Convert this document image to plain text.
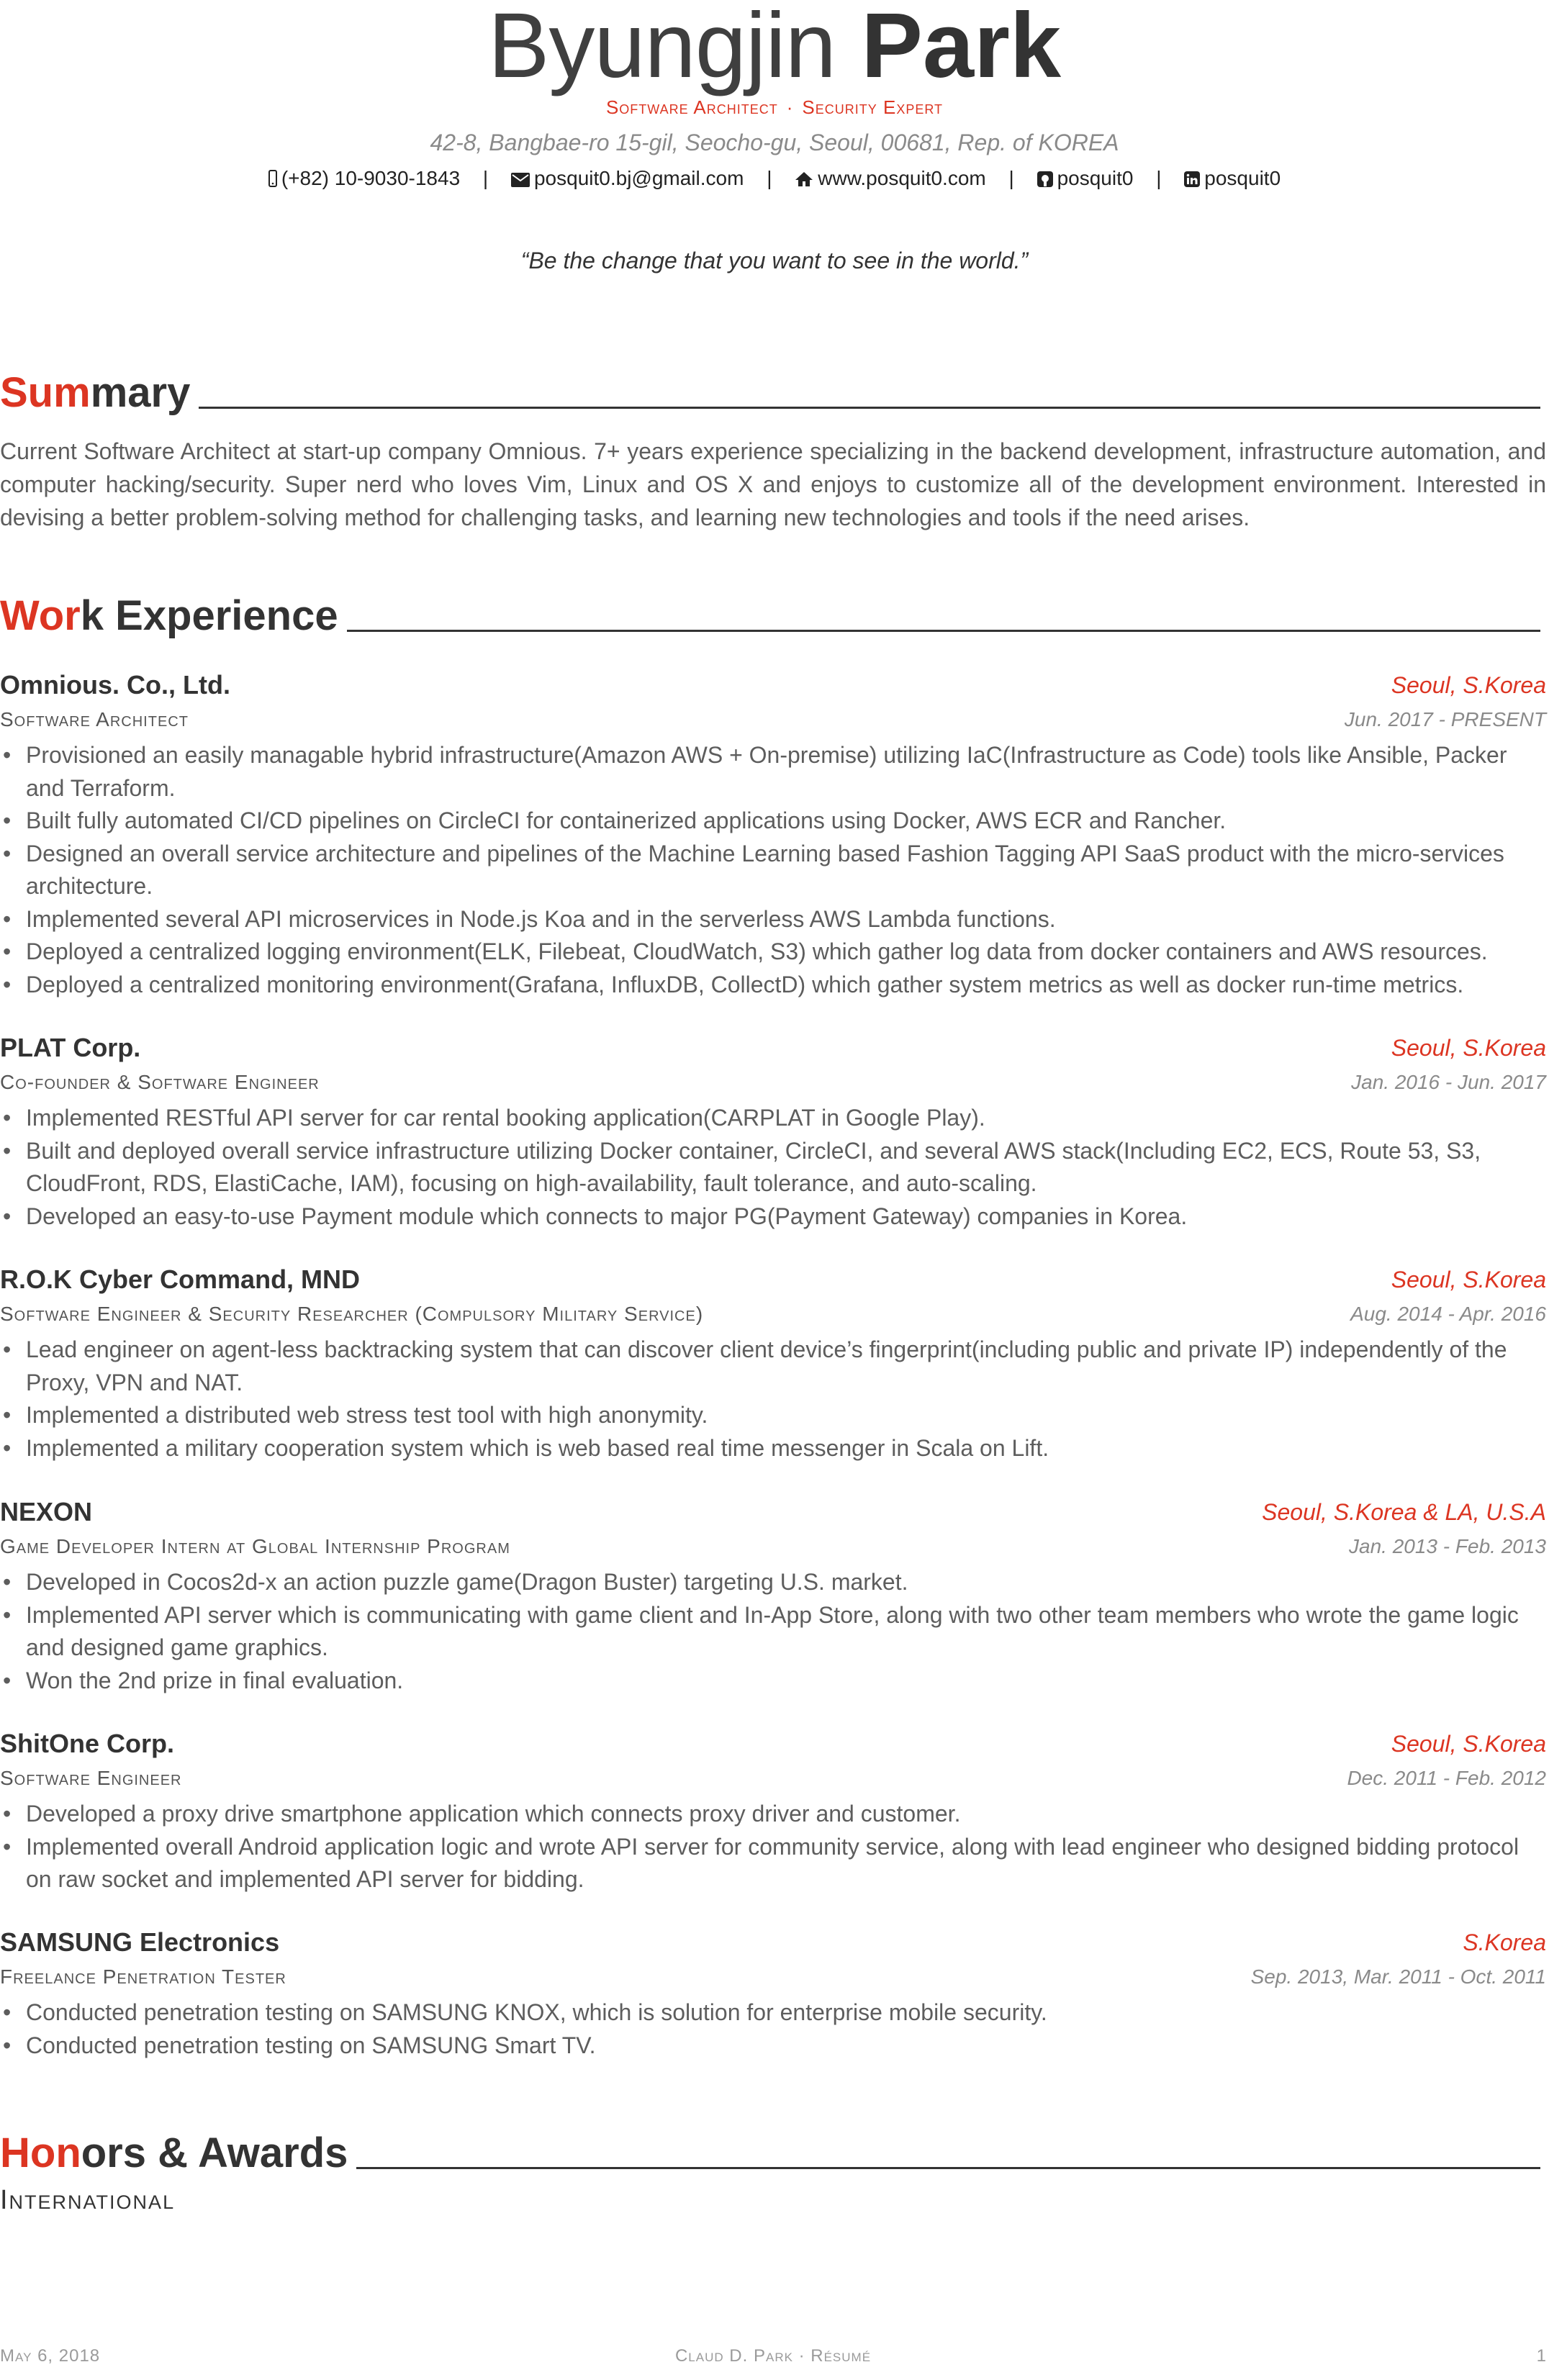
Byungjin Park
Software Architect · Security Expert
42-8, Bangbae-ro 15-gil, Seocho-gu, Seoul, 00681, Rep. of KOREA
(+82) 10-9030-1843 | posquit0.bj@gmail.com | www.posquit0.com | posquit0 | posquit0
“Be the change that you want to see in the world.”
Summary
Current Software Architect at start-up company Omnious. 7+ years experience specializing in the backend development, infrastructure automation, and computer hacking/security. Super nerd who loves Vim, Linux and OS X and enjoys to customize all of the development environment. Interested in devising a better problem-solving method for challenging tasks, and learning new technologies and tools if the need arises.
Work Experience
Omnious. Co., Ltd.	Seoul, S.Korea
Software Architect	Jun. 2017 - PRESENT
• Provisioned an easily managable hybrid infrastructure(Amazon AWS + On-premise) utilizing IaC(Infrastructure as Code) tools like Ansible, Packer and Terraform.
• Built fully automated CI/CD pipelines on CircleCI for containerized applications using Docker, AWS ECR and Rancher.
• Designed an overall service architecture and pipelines of the Machine Learning based Fashion Tagging API SaaS product with the micro-services architecture.
• Implemented several API microservices in Node.js Koa and in the serverless AWS Lambda functions.
• Deployed a centralized logging environment(ELK, Filebeat, CloudWatch, S3) which gather log data from docker containers and AWS resources.
• Deployed a centralized monitoring environment(Grafana, InfluxDB, CollectD) which gather system metrics as well as docker run-time metrics.
PLAT Corp.	Seoul, S.Korea
Co-founder & Software Engineer	Jan. 2016 - Jun. 2017
• Implemented RESTful API server for car rental booking application(CARPLAT in Google Play).
• Built and deployed overall service infrastructure utilizing Docker container, CircleCI, and several AWS stack(Including EC2, ECS, Route 53, S3, CloudFront, RDS, ElastiCache, IAM), focusing on high-availability, fault tolerance, and auto-scaling.
• Developed an easy-to-use Payment module which connects to major PG(Payment Gateway) companies in Korea.
R.O.K Cyber Command, MND	Seoul, S.Korea
Software Engineer & Security Researcher (Compulsory Military Service)	Aug. 2014 - Apr. 2016
• Lead engineer on agent-less backtracking system that can discover client device’s fingerprint(including public and private IP) independently of the Proxy, VPN and NAT.
• Implemented a distributed web stress test tool with high anonymity.
• Implemented a military cooperation system which is web based real time messenger in Scala on Lift.
NEXON	Seoul, S.Korea & LA, U.S.A
Game Developer Intern at Global Internship Program	Jan. 2013 - Feb. 2013
• Developed in Cocos2d-x an action puzzle game(Dragon Buster) targeting U.S. market.
• Implemented API server which is communicating with game client and In-App Store, along with two other team members who wrote the game logic and designed game graphics.
• Won the 2nd prize in final evaluation.
ShitOne Corp.	Seoul, S.Korea
Software Engineer	Dec. 2011 - Feb. 2012
• Developed a proxy drive smartphone application which connects proxy driver and customer.
• Implemented overall Android application logic and wrote API server for community service, along with lead engineer who designed bidding protocol on raw socket and implemented API server for bidding.
SAMSUNG Electronics	S.Korea
Freelance Penetration Tester	Sep. 2013, Mar. 2011 - Oct. 2011
• Conducted penetration testing on SAMSUNG KNOX, which is solution for enterprise mobile security.
• Conducted penetration testing on SAMSUNG Smart TV.
Honors & Awards
International
May 6, 2018	Claud D. Park · Résumé	1
